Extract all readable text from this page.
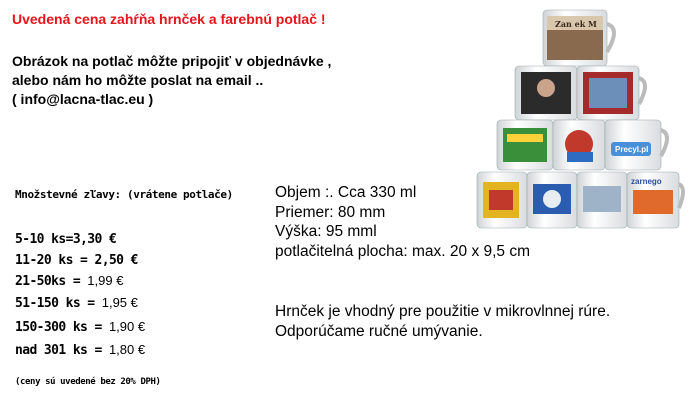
Uvedená cena zahŕňa hrnček a farebnú potlač !
Obrázok na potlač môžte pripojiť v objednávke ,
alebo nám ho môžte poslat na email ..
( info@lacna-tlac.eu )
Množstevné zľavy: (vrátene potlače)
5-10 ks=3,30 €
11-20 ks = 2,50 €
21-50ks = 1,99 €
51-150 ks = 1,95 €
150-300 ks = 1,90 €
nad 301 ks = 1,80 €
(ceny sú uvedené bez 20% DPH)
Objem :. Cca 330 ml
Priemer: 80 mm
Výška: 95 mml
potlačitelná plocha: max. 20 x 9,5 cm
Hrnček je vhodný pre použitie v mikrovlnnej rúre.
Odporúčame ručné umývanie.
Zan ek M
Precyl.pl
zarnego
